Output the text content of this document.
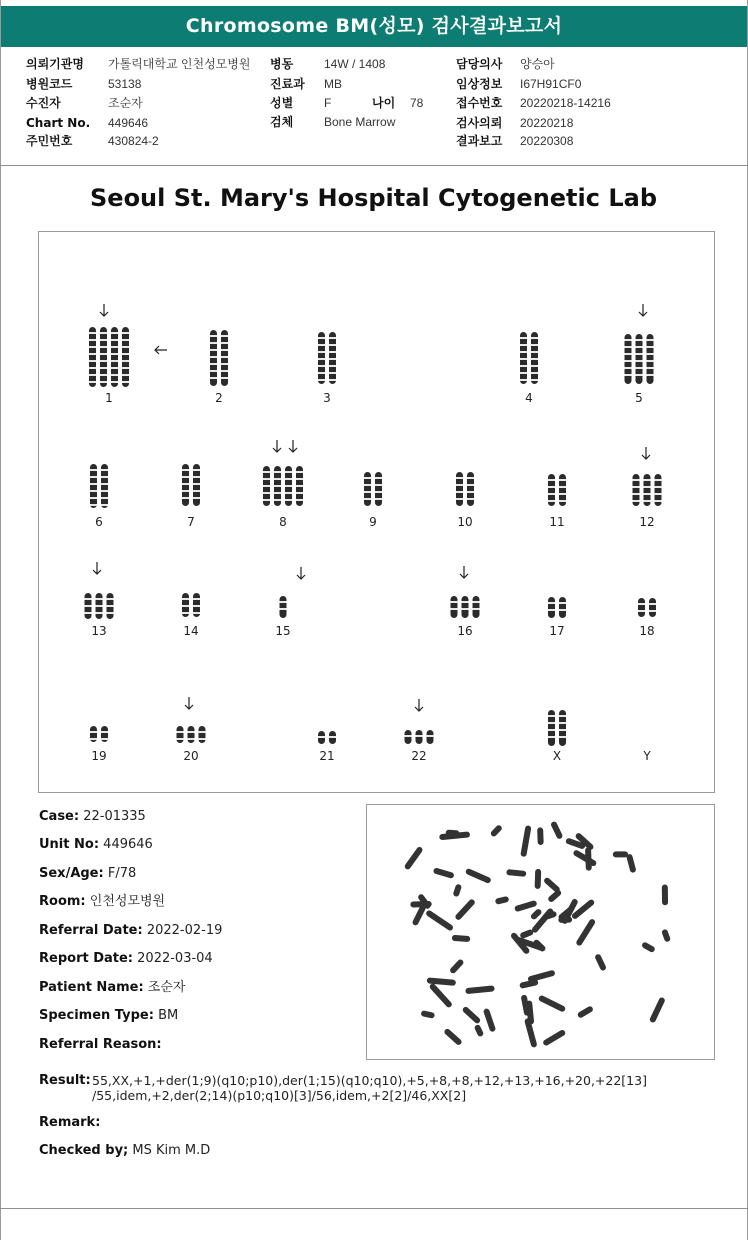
Chromosome BM(성모) 검사결과보고서
의뢰기관명 가톨릭대학교 인천성모병원
병원코드	53138
수진자	조순자
Chart No. 449646
주민번호	430824-2
병동	14W / 1408
진료과 MB
성별	F	나이 78
검체	Bone Marrow
담당의사 양승아
임상정보 I67H91CF0
접수번호 20220218-14216
검사의뢰 20220218
결과보고 20220308
Seoul St. Mary's Hospital Cytogenetic Lab
1	2	3	4	5
6	7	8	9	10	11	12
13	14	15	16	17	18
19	20	21	22	X	Y
Case: 22-01335
Unit No: 449646
Sex/Age: F/78
Room: 인천성모병원
Referral Date: 2022-02-19
Report Date: 2022-03-04
Patient Name: 조순자
Specimen Type: BM
Referral Reason:
Result: 55,XX,+1,+der(1;9)(q10;p10),der(1;15)(q10;q10),+5,+8,+8,+12,+13,+16,+20,+22[13]
/55,idem,+2,der(2;14)(p10;q10)[3]/56,idem,+2[2]/46,XX[2]
Remark:
Checked by; MS Kim M.D
